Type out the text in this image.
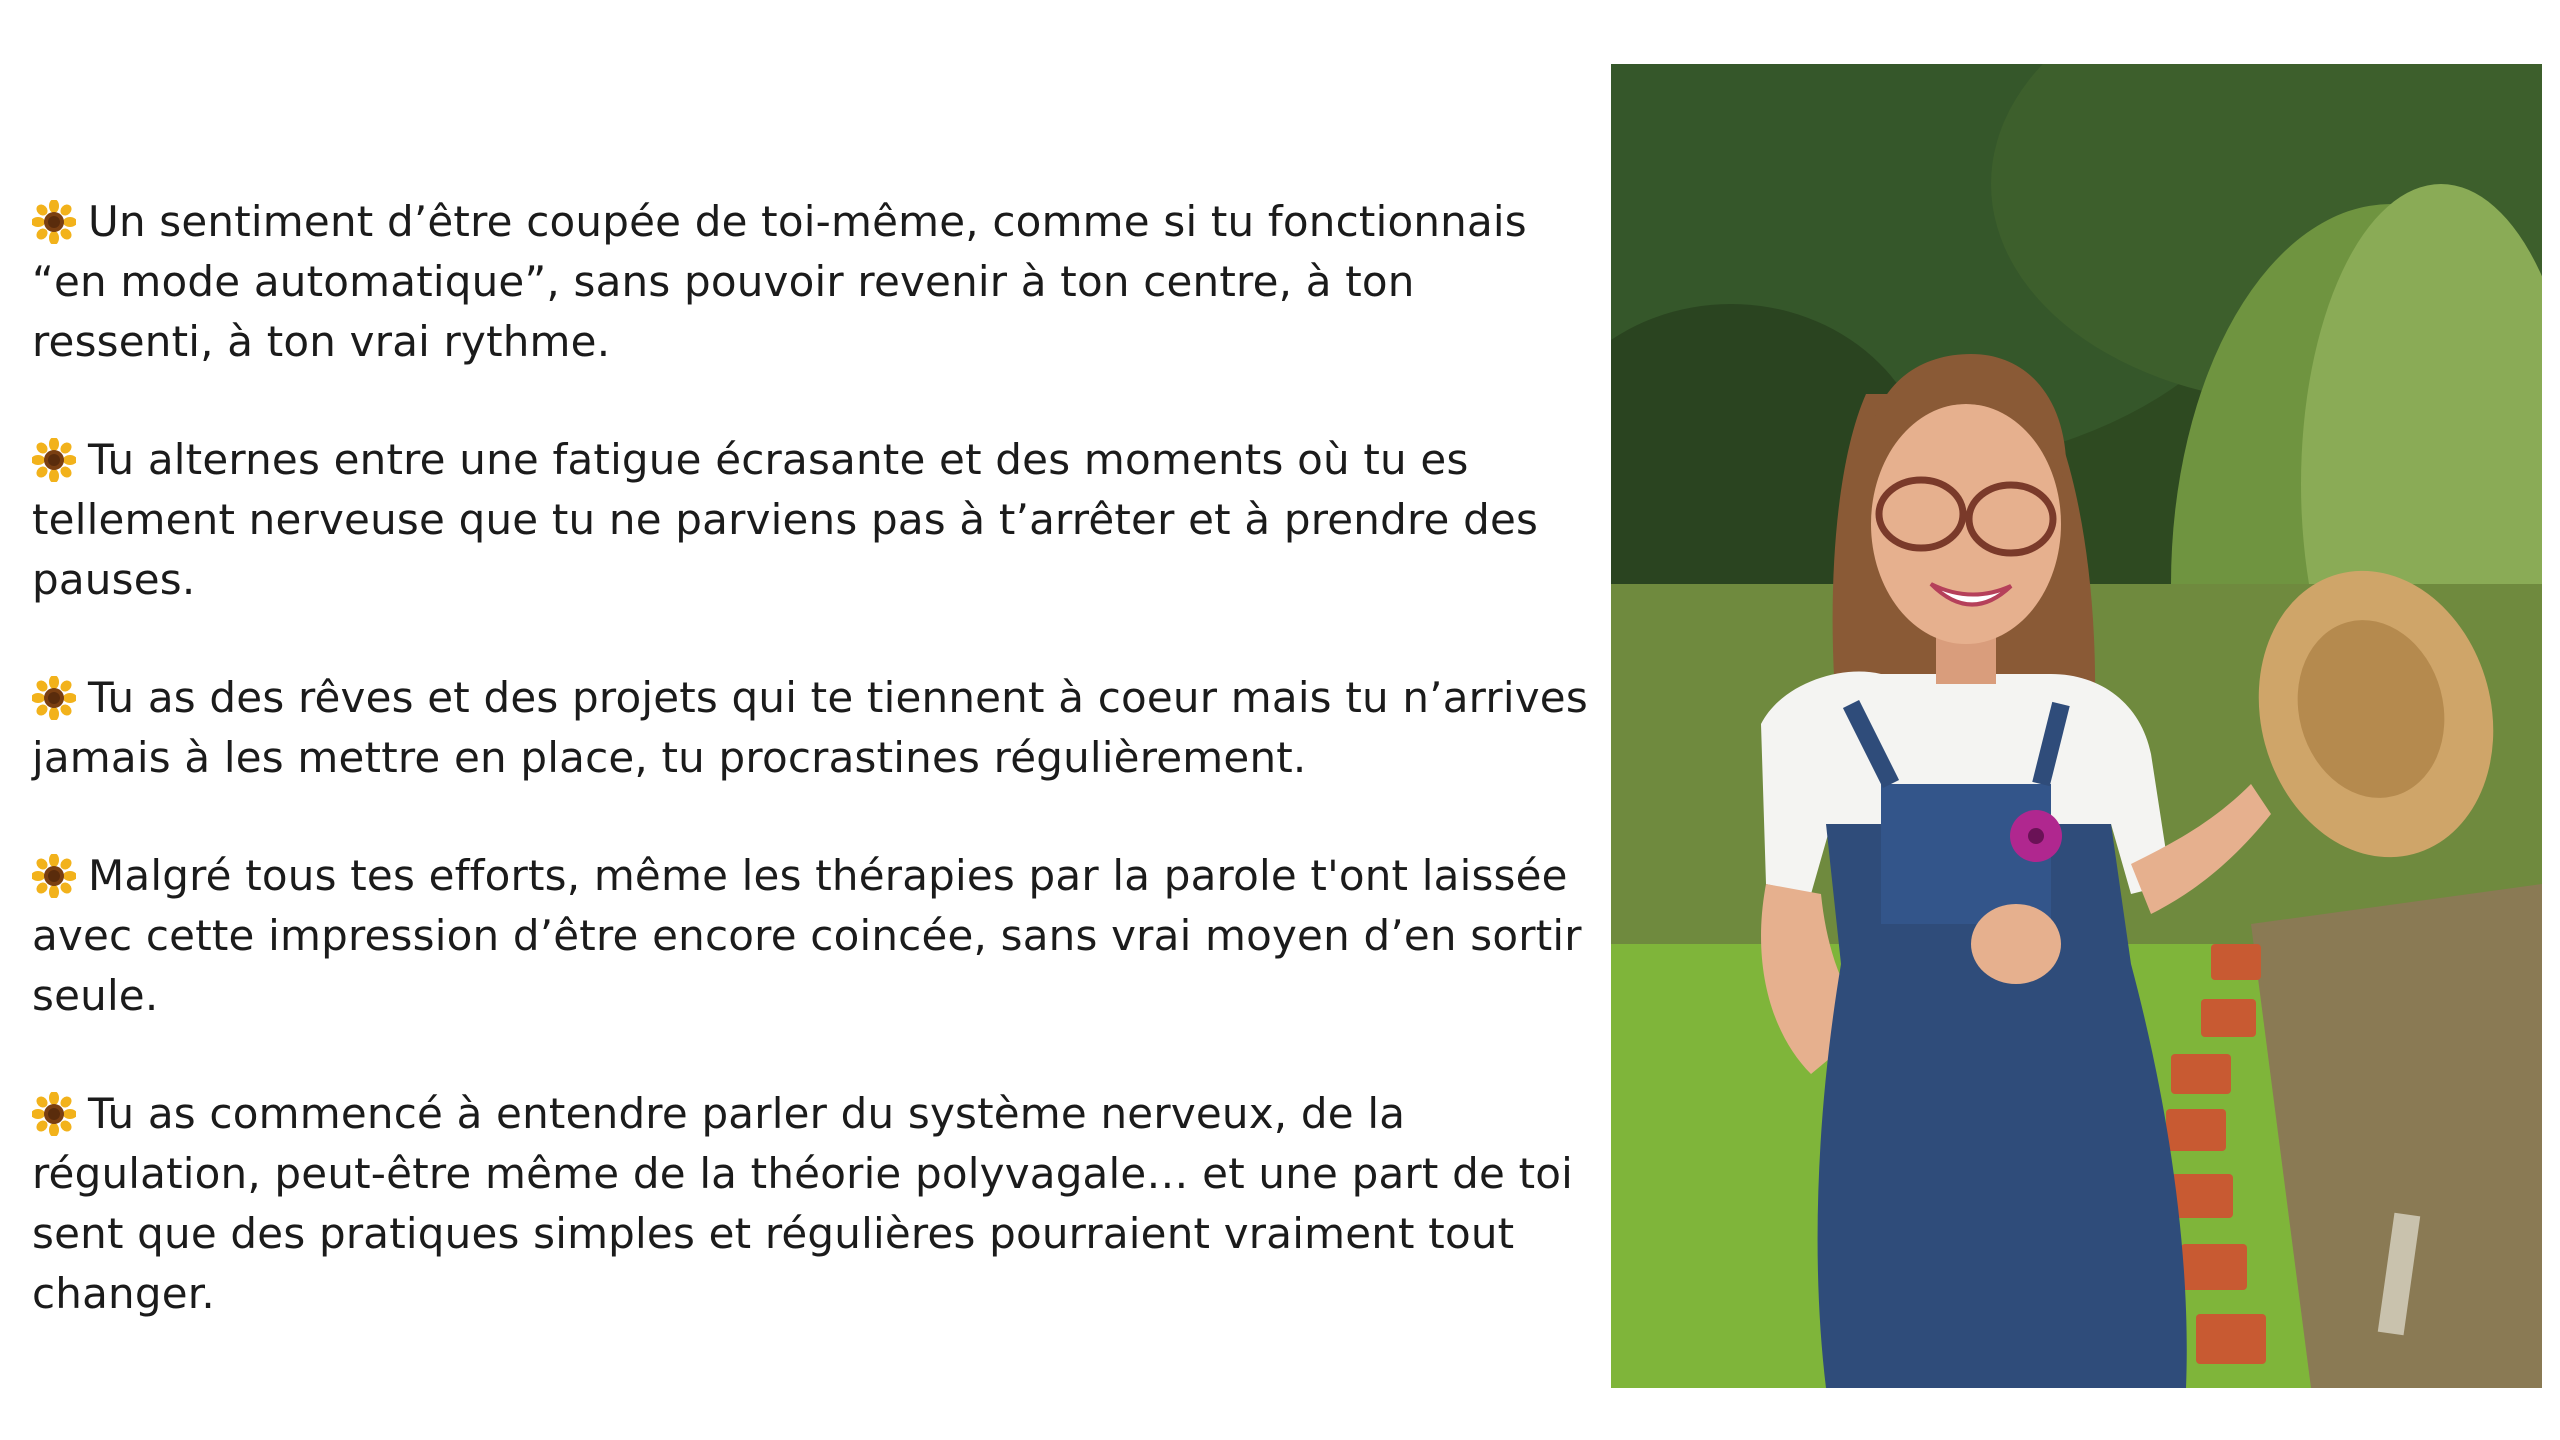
Un sentiment d’être coupée de toi-même, comme si tu fonctionnais “en mode automatique”, sans pouvoir revenir à ton centre, à ton ressenti, à ton vrai rythme.

Tu alternes entre une fatigue écrasante et des moments où tu es tellement nerveuse que tu ne parviens pas à t’arrêter et à prendre des pauses.

Tu as des rêves et des projets qui te tiennent à coeur mais tu n’arrives jamais à les mettre en place, tu procrastines régulièrement.

Malgré tous tes efforts, même les thérapies par la parole t'ont laissée avec cette impression d’être encore coincée, sans vrai moyen d’en sortir seule.

Tu as commencé à entendre parler du système nerveux, de la régulation, peut-être même de la théorie polyvagale… et une part de toi sent que des pratiques simples et régulières pourraient vraiment tout changer.
